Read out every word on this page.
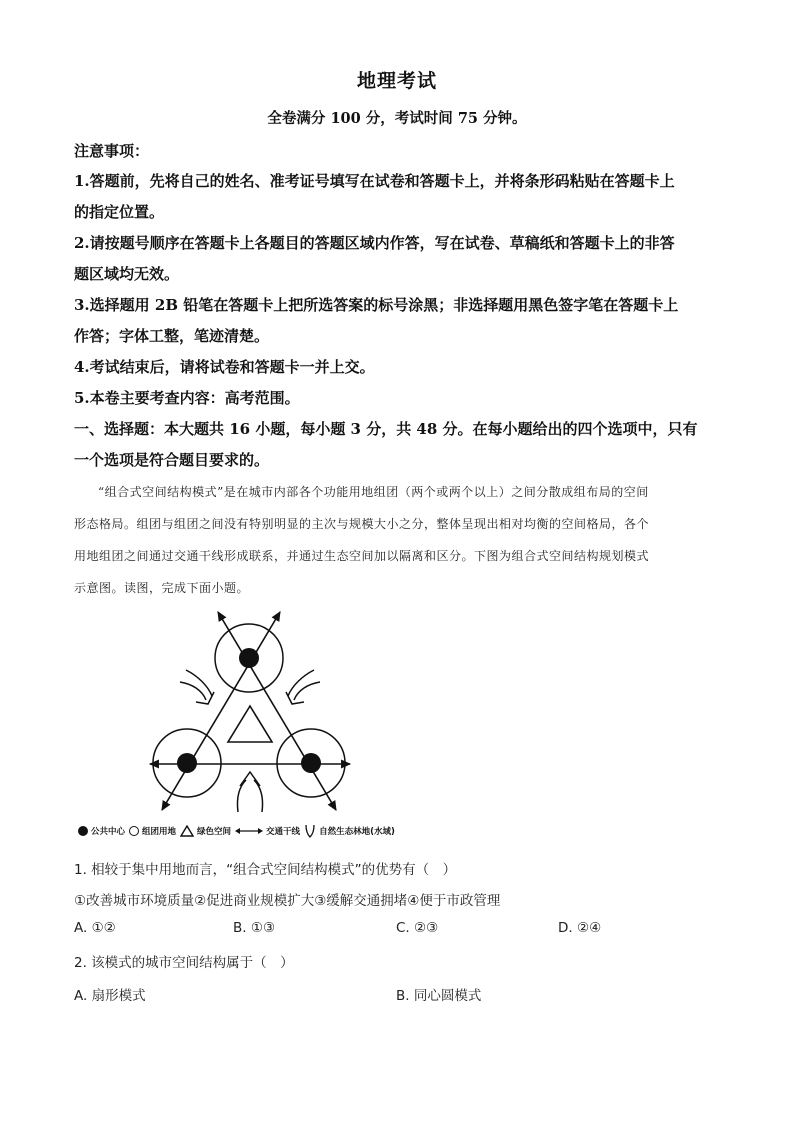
地理考试
全卷满分 100 分，考试时间 75 分钟。
注意事项：
1.答题前，先将自己的姓名、准考证号填写在试卷和答题卡上，并将条形码粘贴在答题卡上
的指定位置。
2.请按题号顺序在答题卡上各题目的答题区域内作答，写在试卷、草稿纸和答题卡上的非答
题区域均无效。
3.选择题用 2B 铅笔在答题卡上把所选答案的标号涂黑；非选择题用黑色签字笔在答题卡上
作答；字体工整，笔迹清楚。
4.考试结束后，请将试卷和答题卡一并上交。
5.本卷主要考查内容：高考范围。
一、选择题：本大题共 16 小题，每小题 3 分，共 48 分。在每小题给出的四个选项中，只有
一个选项是符合题目要求的。
“组合式空间结构模式”是在城市内部各个功能用地组团（两个或两个以上）之间分散成组布局的空间
形态格局。组团与组团之间没有特别明显的主次与规模大小之分，整体呈现出相对均衡的空间格局，各个
用地组团之间通过交通干线形成联系，并通过生态空间加以隔离和区分。下图为组合式空间结构规划模式
示意图。读图，完成下面小题。
公共中心 组团用地 绿色空间	交通干线 自然生态林地(水域)
1. 相较于集中用地而言，“组合式空间结构模式”的优势有（　）
①改善城市环境质量②促进商业规模扩大③缓解交通拥堵④便于市政管理
A. ①②	B. ①③	C. ②③	D. ②④
2. 该模式的城市空间结构属于（　）
A. 扇形模式	B. 同心圆模式
